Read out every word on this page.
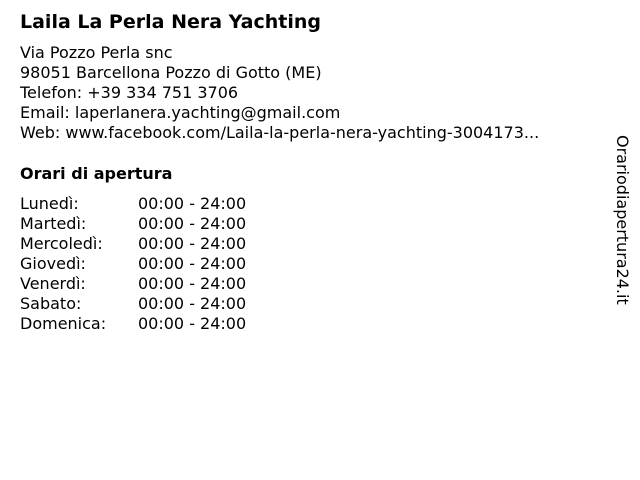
Laila La Perla Nera Yachting
Via Pozzo Perla snc
98051 Barcellona Pozzo di Gotto (ME)
Telefon: +39 334 751 3706
Email: laperlanera.yachting@gmail.com
Web: www.facebook.com/Laila-la-perla-nera-yachting-3004173...
Orari di apertura
Lunedì:	00:00 - 24:00
Martedì:	00:00 - 24:00
Mercoledì:	00:00 - 24:00
Giovedì:	00:00 - 24:00
Venerdì:	00:00 - 24:00
Sabato:	00:00 - 24:00
Domenica:	00:00 - 24:00
Orariodiapertura24.it
